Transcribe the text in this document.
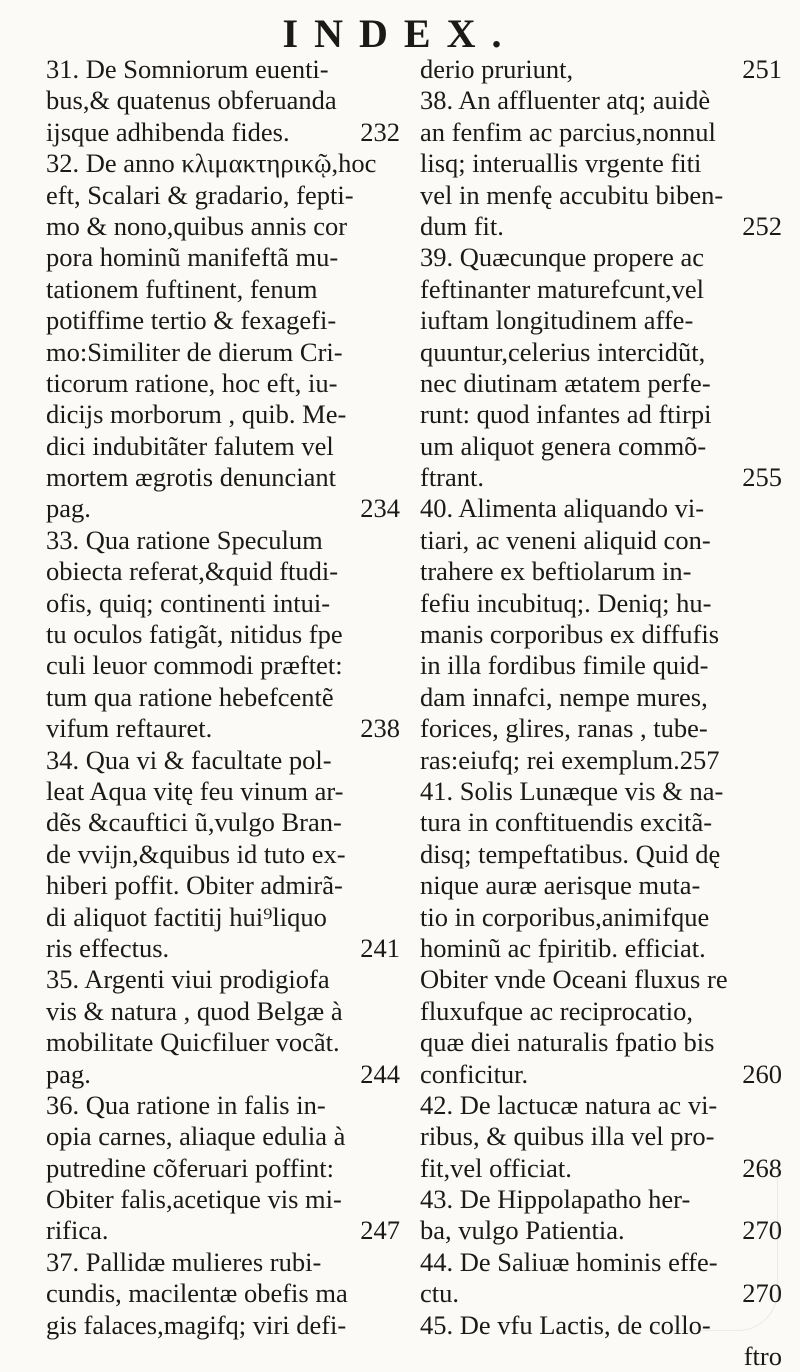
INDEX.
31. De Somniorum euenti-
bus,& quatenus obferuanda
ijsque adhibenda fides.	232
32. De anno κλιμακτηρικῷ,hoc
eft, Scalari & gradario, fepti-
mo & nono,quibus annis cor
pora hominũ manifeftã mu-
tationem fuftinent, fenum
potiffime tertio & fexagefi-
mo:Similiter de dierum Cri-
ticorum ratione, hoc eft, iu-
dicijs morborum , quib. Me-
dici indubitãter falutem vel
mortem ægrotis denunciant
pag.	234
33. Qua ratione Speculum
obiecta referat,&quid ftudi-
ofis, quiq; continenti intui-
tu oculos fatigãt, nitidus fpe
culi leuor commodi præftet:
tum qua ratione hebefcentẽ
vifum reftauret.	238
34. Qua vi & facultate pol-
leat Aqua vitę feu vinum ar-
dẽs &cauftici ũ,vulgo Bran-
de vvijn,&quibus id tuto ex-
hiberi poffit. Obiter admirã-
di aliquot factitij hui⁹liquo
ris effectus.	241
35. Argenti viui prodigiofa
vis & natura , quod Belgæ à
mobilitate Quicfiluer vocãt.
pag.	244
36. Qua ratione in falis in-
opia carnes, aliaque edulia à
putredine cõferuari poffint:
Obiter falis,acetique vis mi-
rifica.	247
37. Pallidæ mulieres rubi-
cundis, macilentæ obefis ma
gis falaces,magifq; viri defi-
derio pruriunt,	251
38. An affluenter atq; auidè
an fenfim ac parcius,nonnul
lisq; interuallis vrgente fiti
vel in menfę accubitu biben-
dum fit.	252
39. Quæcunque propere ac
feftinanter maturefcunt,vel
iuftam longitudinem affe-
quuntur,celerius intercidũt,
nec diutinam ætatem perfe-
runt: quod infantes ad ftirpi
um aliquot genera commõ-
ftrant.	255
40. Alimenta aliquando vi-
tiari, ac veneni aliquid con-
trahere ex beftiolarum in-
fefiu incubituq;. Deniq; hu-
manis corporibus ex diffufis
in illa fordibus fimile quid-
dam innafci, nempe mures,
forices, glires, ranas , tube-
ras:eiufq; rei exemplum.257
41. Solis Lunæque vis & na-
tura in conftituendis excitã-
disq; tempeftatibus. Quid dę
nique auræ aerisque muta-
tio in corporibus,animifque
hominũ ac fpiritib. efficiat.
Obiter vnde Oceani fluxus re
fluxufque ac reciprocatio,
quæ diei naturalis fpatio bis
conficitur.	260
42. De lactucæ natura ac vi-
ribus, & quibus illa vel pro-
fit,vel officiat.	268
43. De Hippolapatho her-
ba, vulgo Patientia.	270
44. De Saliuæ hominis effe-
ctu.	270
45. De vfu Lactis, de collo-
ftro
